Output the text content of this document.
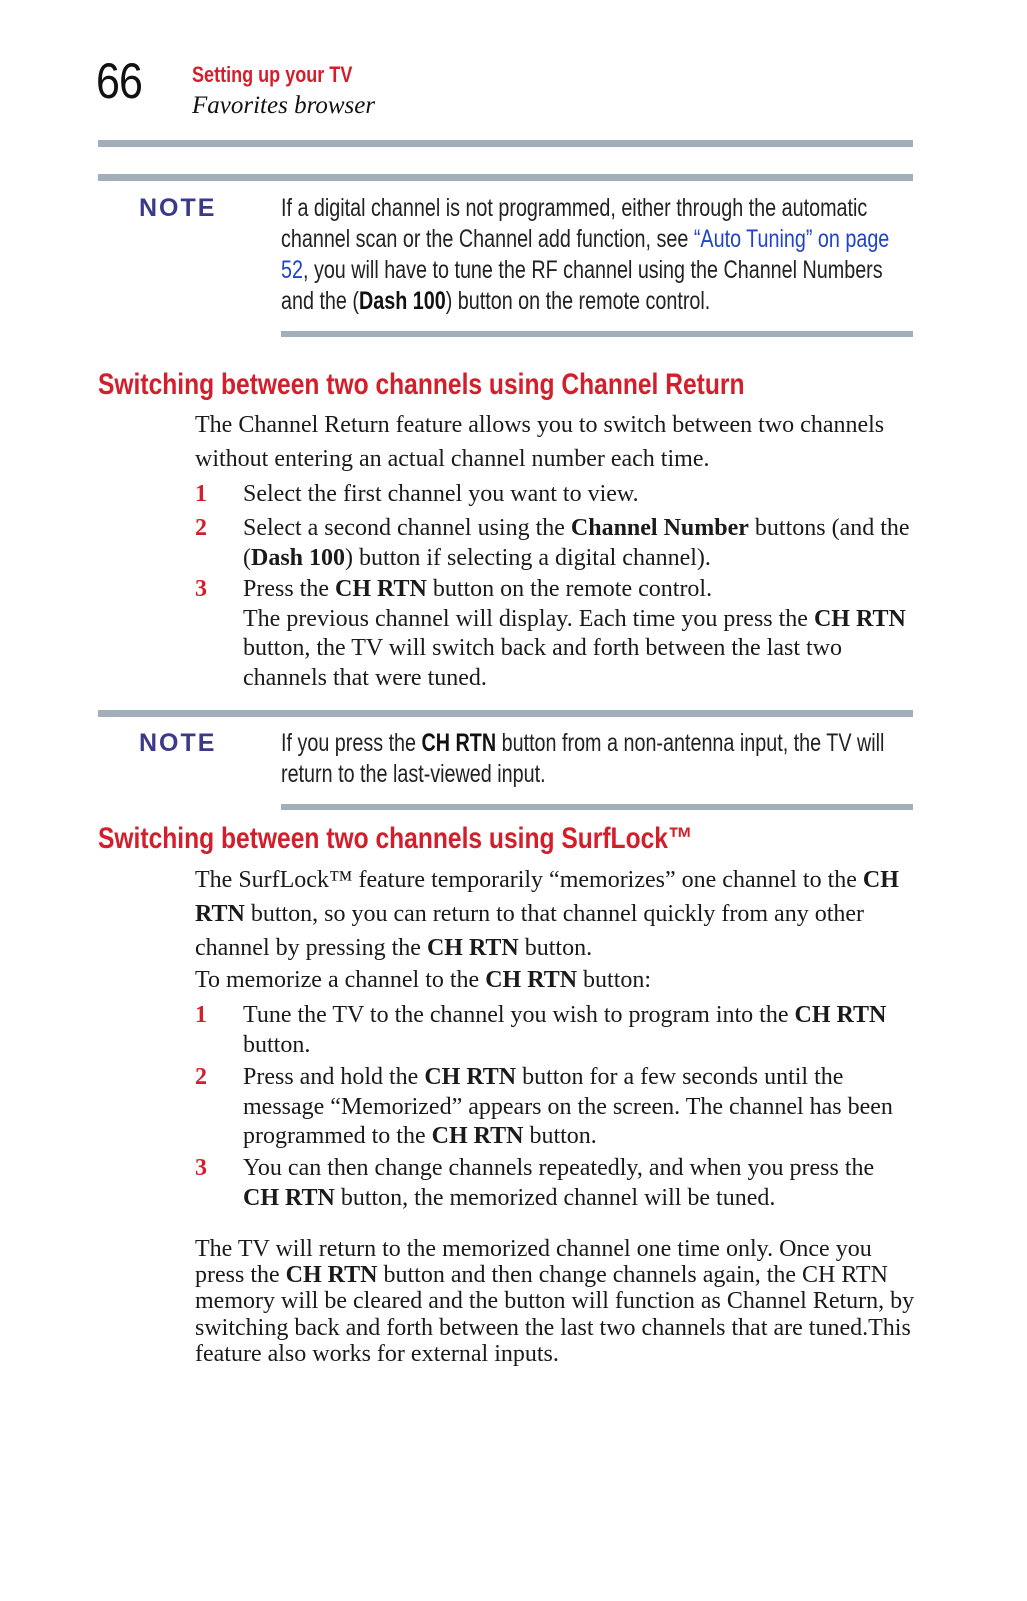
66 Setting up your TV
Favorites browser
NOTE	If a digital channel is not programmed, either through the automatic channel scan or the Channel add function, see “Auto Tuning” on page 52, you will have to tune the RF channel using the Channel Numbers and the (Dash 100) button on the remote control.

Switching between two channels using Channel Return

The Channel Return feature allows you to switch between two channels without entering an actual channel number each time.

1 Select the first channel you want to view.
2 Select a second channel using the Channel Number buttons (and the (Dash 100) button if selecting a digital channel).
3 Press the CH RTN button on the remote control.
The previous channel will display. Each time you press the CH RTN button, the TV will switch back and forth between the last two channels that were tuned.
NOTE	If you press the CH RTN button from a non-antenna input, the TV will return to the last-viewed input.

Switching between two channels using SurfLock™

The SurfLock™ feature temporarily “memorizes” one channel to the CH RTN button, so you can return to that channel quickly from any other channel by pressing the CH RTN button.

To memorize a channel to the CH RTN button:

1 Tune the TV to the channel you wish to program into the CH RTN button.
2 Press and hold the CH RTN button for a few seconds until the message “Memorized” appears on the screen. The channel has been programmed to the CH RTN button.
3 You can then change channels repeatedly, and when you press the CH RTN button, the memorized channel will be tuned.

The TV will return to the memorized channel one time only. Once you press the CH RTN button and then change channels again, the CH RTN memory will be cleared and the button will function as Channel Return, by switching back and forth between the last two channels that are tuned.This feature also works for external inputs.
